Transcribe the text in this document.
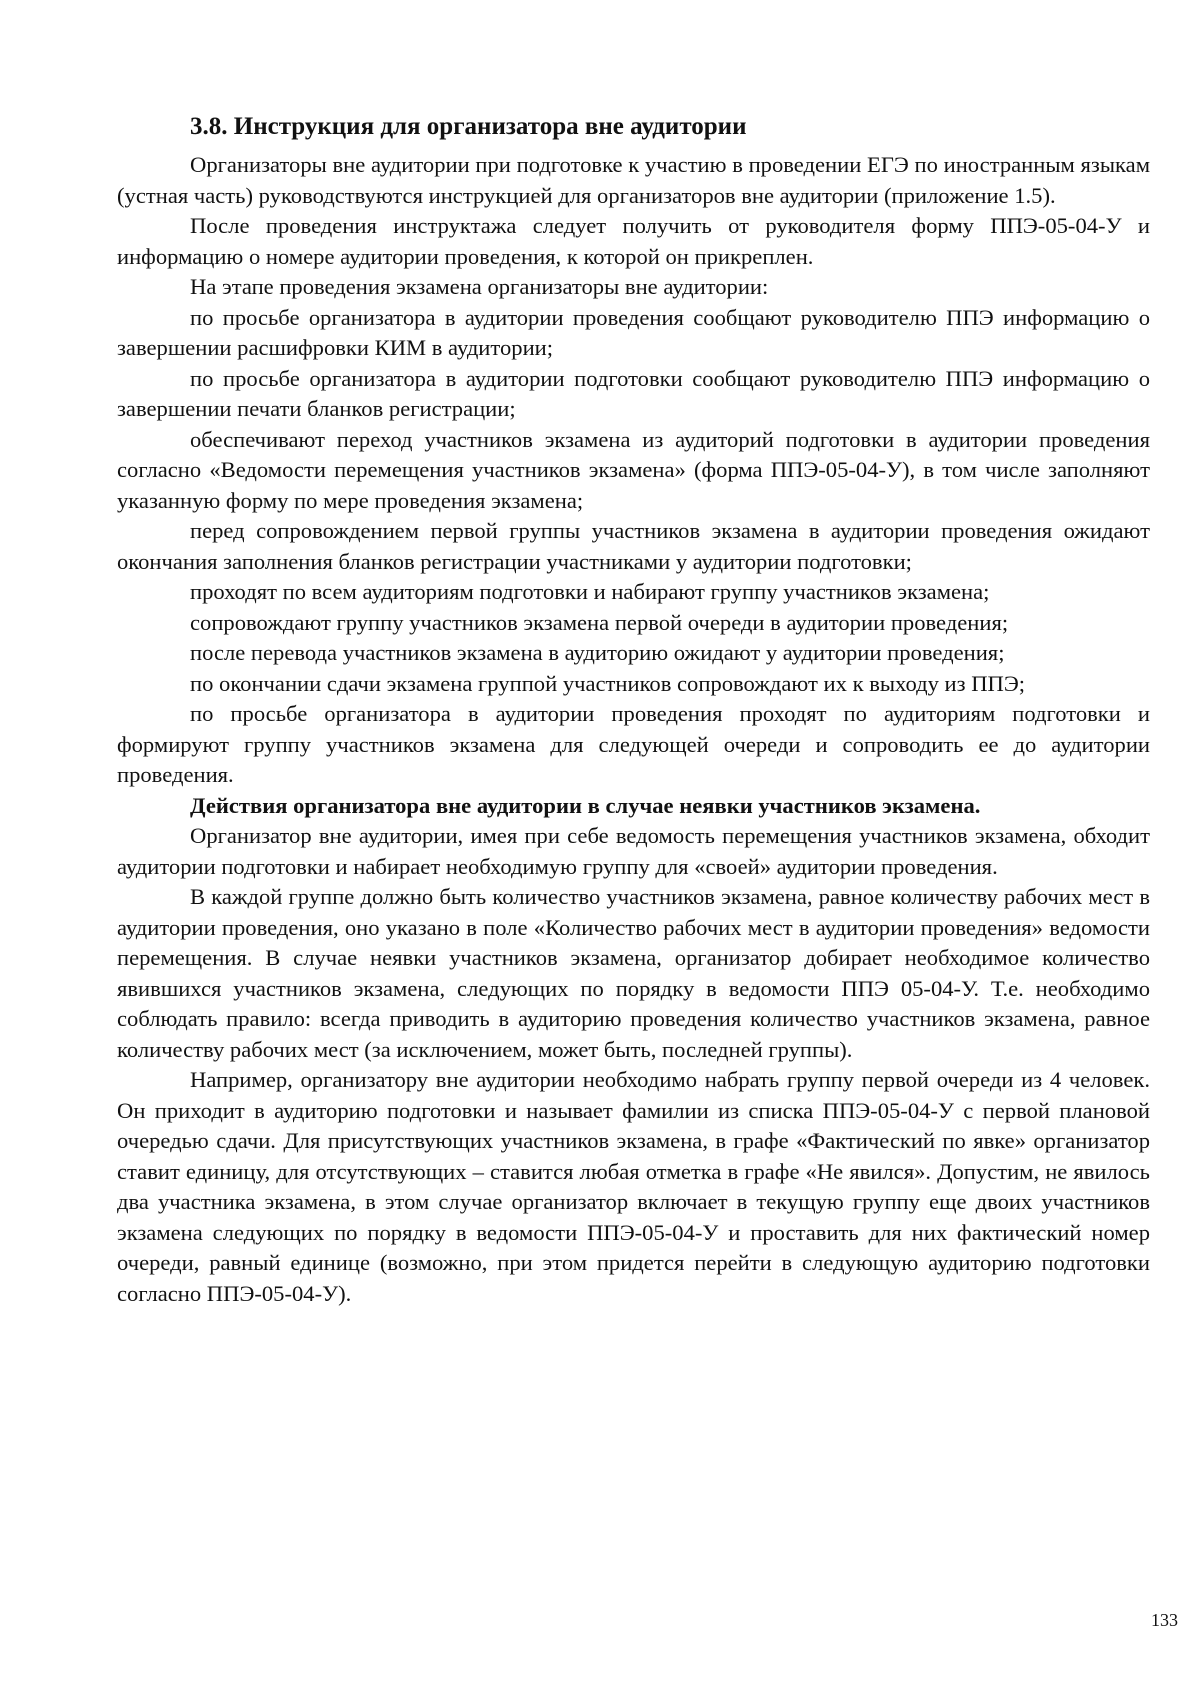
3.8. Инструкция для организатора вне аудитории

Организаторы вне аудитории при подготовке к участию в проведении ЕГЭ по иностранным языкам (устная часть) руководствуются инструкцией для организаторов вне аудитории (приложение 1.5).

После проведения инструктажа следует получить от руководителя форму ППЭ-05-04-У и информацию о номере аудитории проведения, к которой он прикреплен.

На этапе проведения экзамена организаторы вне аудитории:

по просьбе организатора в аудитории проведения сообщают руководителю ППЭ информацию о завершении расшифровки КИМ в аудитории;

по просьбе организатора в аудитории подготовки сообщают руководителю ППЭ информацию о завершении печати бланков регистрации;

обеспечивают переход участников экзамена из аудиторий подготовки в аудитории проведения согласно «Ведомости перемещения участников экзамена» (форма ППЭ-05-04-У), в том числе заполняют указанную форму по мере проведения экзамена;

перед сопровождением первой группы участников экзамена в аудитории проведения ожидают окончания заполнения бланков регистрации участниками у аудитории подготовки;

проходят по всем аудиториям подготовки и набирают группу участников экзамена;

сопровождают группу участников экзамена первой очереди в аудитории проведения;

после перевода участников экзамена в аудиторию ожидают у аудитории проведения;

по окончании сдачи экзамена группой участников сопровождают их к выходу из ППЭ;

по просьбе организатора в аудитории проведения проходят по аудиториям подготовки и формируют группу участников экзамена для следующей очереди и сопроводить ее до аудитории проведения.

Действия организатора вне аудитории в случае неявки участников экзамена.

Организатор вне аудитории, имея при себе ведомость перемещения участников экзамена, обходит аудитории подготовки и набирает необходимую группу для «своей» аудитории проведения.

В каждой группе должно быть количество участников экзамена, равное количеству рабочих мест в аудитории проведения, оно указано в поле «Количество рабочих мест в аудитории проведения» ведомости перемещения. В случае неявки участников экзамена, организатор добирает необходимое количество явившихся участников экзамена, следующих по порядку в ведомости ППЭ 05-04-У. Т.е. необходимо соблюдать правило: всегда приводить в аудиторию проведения количество участников экзамена, равное количеству рабочих мест (за исключением, может быть, последней группы).

Например, организатору вне аудитории необходимо набрать группу первой очереди из 4 человек. Он приходит в аудиторию подготовки и называет фамилии из списка ППЭ-05-04-У с первой плановой очередью сдачи. Для присутствующих участников экзамена, в графе «Фактический по явке» организатор ставит единицу, для отсутствующих – ставится любая отметка в графе «Не явился». Допустим, не явилось два участника экзамена, в этом случае организатор включает в текущую группу еще двоих участников экзамена следующих по порядку в ведомости ППЭ-05-04-У и проставить для них фактический номер очереди, равный единице (возможно, при этом придется перейти в следующую аудиторию подготовки согласно ППЭ-05-04-У).

133
